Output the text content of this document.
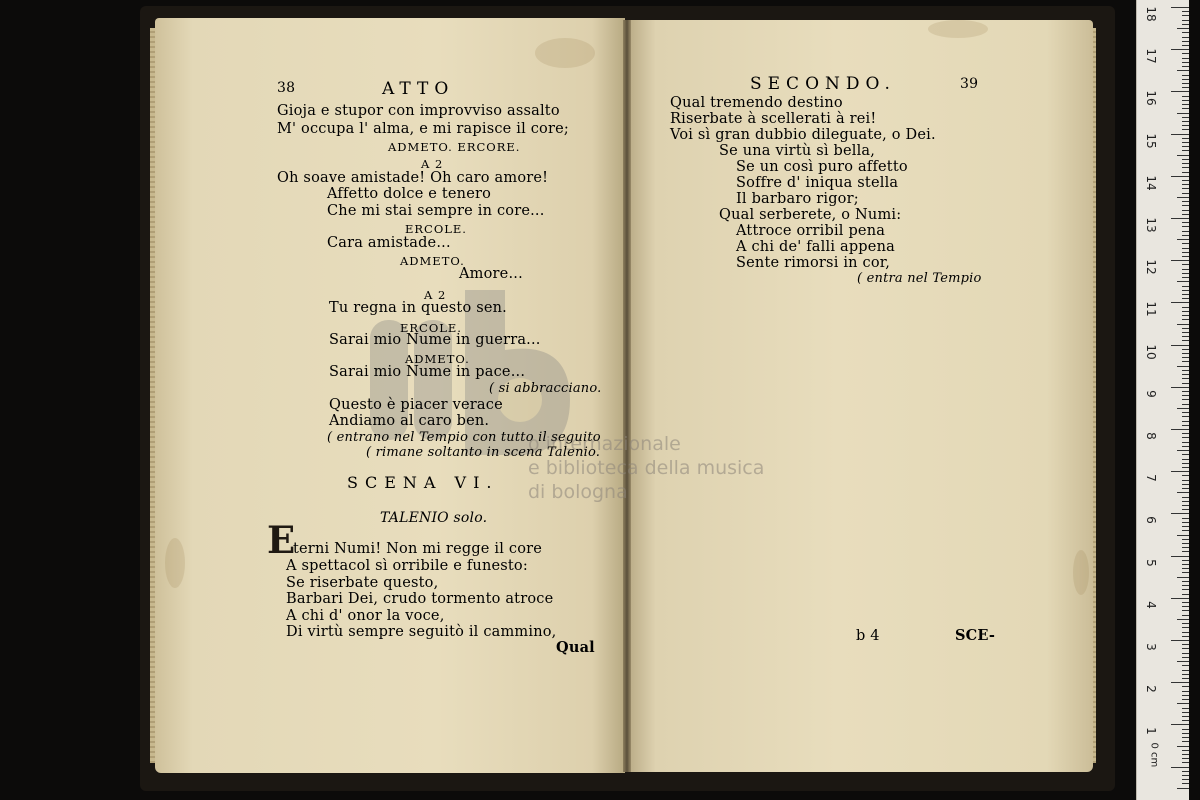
o internazionale
e biblioteca della musica
di bologna
38	ATTO
Gioja e stupor con improvviso assalto
M' occupa l' alma, e mi rapisce il core;
ADMETO. ERCORE.
A 2
Oh soave amistade! Oh caro amore!
Affetto dolce e tenero
Che mi stai sempre in core...
ERCOLE.
Cara amistade...
ADMETO.
Amore...
A 2
Tu regna in questo sen.
ERCOLE.
Sarai mio Nume in guerra...
ADMETO.
Sarai mio Nume in pace...
( si abbracciano.
Questo è piacer verace
Andiamo al caro ben.
( entrano nel Tempio con tutto il seguito
( rimane soltanto in scena Talenio.
SCENA VI.
TALENIO solo.
E
terni Numi! Non mi regge il core
A spettacol sì orribile e funesto:
Se riserbate questo,
Barbari Dei, crudo tormento atroce
A chi d' onor la voce,
Di virtù sempre seguitò il cammino,
Qual
SECONDO.	39
Qual tremendo destino
Riserbate à scellerati à rei!
Voi sì gran dubbio dileguate, o Dei.
Se una virtù sì bella,
Se un così puro affetto
Soffre d' iniqua stella
Il barbaro rigor;
Qual serberete, o Numi:
Attroce orribil pena
A chi de' falli appena
Sente rimorsi in cor,
( entra nel Tempio
b 4	SCE-
18
17
16
15
14
13
12
11
10
9
8
7
6
5
4
3
2
1
0 cm
